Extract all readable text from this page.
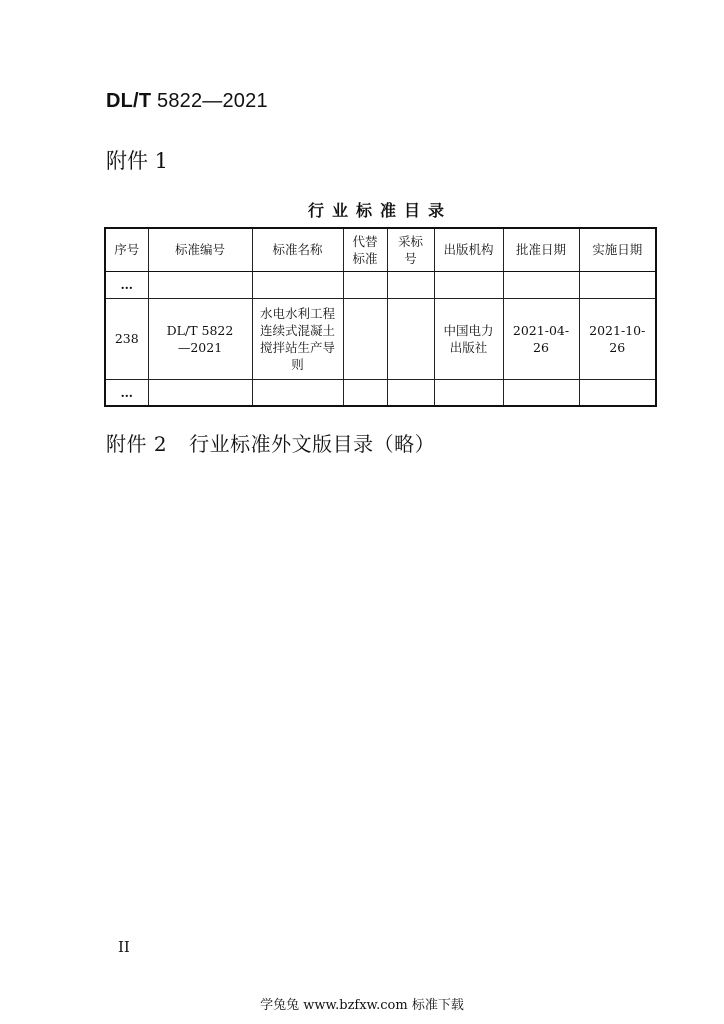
DL/T 5822—2021
附件 1
行业标准目录
序号	标准编号	标准名称	代替标准	采标号	出版机构	批准日期	实施日期
…							
238	DL/T 5822—2021	水电水利工程连续式混凝土搅拌站生产导则			中国电力出版社	2021-04-26	2021-10-26
…							
附件 2 行业标准外文版目录（略）
II
学兔兔 www.bzfxw.com 标准下载
